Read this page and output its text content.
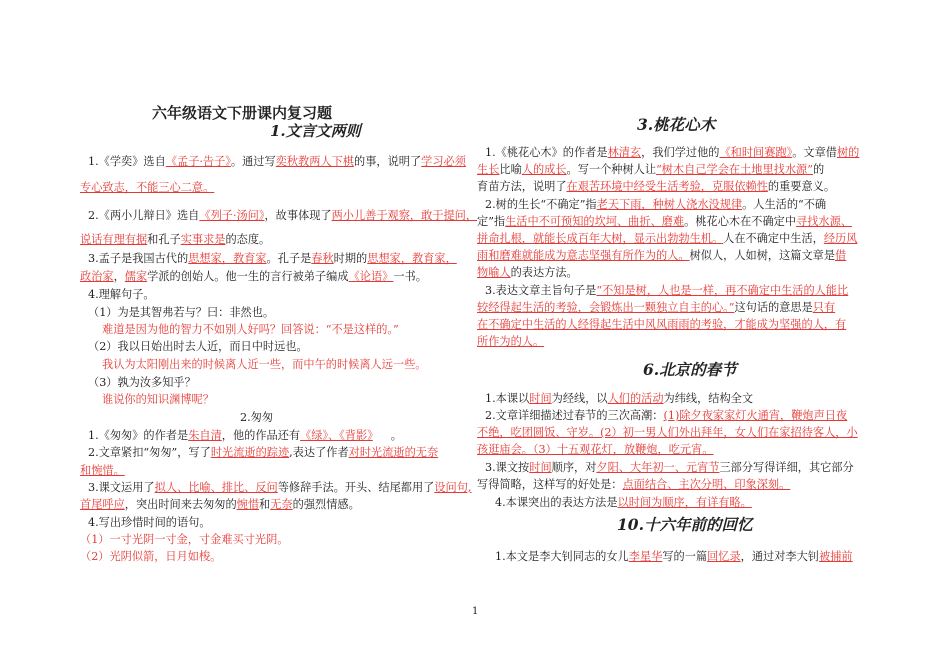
六年级语文下册课内复习题
1.文言文两则
1.《学奕》选自《孟子·告子》。通过写奕秋教两人下棋的事，说明了学习必须
专心致志，不能三心二意。
2.《两小儿辩日》选自《列子·汤问》，故事体现了两小儿善于观察，敢于提问，
说话有理有据和孔子实事求是的态度。
3.孟子是我国古代的思想家，教育家。孔子是春秋时期的思想家，教育家，
政治家，儒家学派的创始人。他一生的言行被弟子编成《论语》一书。
4.理解句子。
（1）为是其智弗若与？曰：非然也。
难道是因为他的智力不如别人好吗？回答说：“不是这样的。”
（2）我以日始出时去人近，而日中时远也。
我认为太阳刚出来的时候离人近一些，而中午的时候离人远一些。
（3）孰为汝多知乎？
谁说你的知识渊博呢？
2.匆匆
1.《匆匆》的作者是朱自清，他的作品还有《绿》、《背影》 。
2.文章紧扣“匆匆”，写了时光流逝的踪迹,表达了作者对时光流逝的无奈
和惋惜。
3.课文运用了拟人、比喻、排比、反问等修辞手法。开头、结尾都用了设问句,
首尾呼应，突出时间来去匆匆的惋惜和无奈的强烈情感。
4.写出珍惜时间的语句。
（1）一寸光阴一寸金，寸金难买寸光阴。
（2）光阴似箭，日月如梭。
3.桃花心木
1.《桃花心木》的作者是林清玄，我们学过他的《和时间赛跑》。文章借树的
生长比喻人的成长。写一个种树人让“树木自己学会在土地里找水源”的
育苗方法，说明了在艰苦环境中经受生活考验，克服依赖性的重要意义。
2.树的生长“不确定”指老天下雨，种树人浇水没规律。人生活的“不确
定”指生活中不可预知的坎坷、曲折、磨难。桃花心木在不确定中寻找水源、
拼命扎根，就能长成百年大树，显示出勃勃生机。人在不确定中生活，经历风
雨和磨难就能成为意志坚强有所作为的人。树似人，人如树，这篇文章是借
物喻人的表达方法。
3.表达文章主旨句子是“不知是树，人也是一样，再不确定中生活的人能比
较经得起生活的考验，会锻炼出一颗独立自主的心。”这句话的意思是只有
在不确定中生活的人经得起生活中风风雨雨的考验，才能成为坚强的人，有
所作为的人。
6.北京的春节
1.本课以时间为经线，以人们的活动为纬线，结构全文
2.文章详细描述过春节的三次高潮：(1)除夕夜家家灯火通宵，鞭炮声日夜
不绝，吃团圆饭、守岁。(2）初一男人们外出拜年，女人们在家招待客人，小
孩逛庙会。（3）十五观花灯，放鞭炮，吃元宵。
3.课文按时间顺序，对夕阳、大年初一、元宵节三部分写得详细，其它部分
写得简略，这样写的好处是：点面结合、主次分明、印象深刻。
4.本课突出的表达方法是以时间为顺序，有详有略。
10.十六年前的回忆
1.本文是李大钊同志的女儿李星华写的一篇回忆录，通过对李大钊被捕前
1
